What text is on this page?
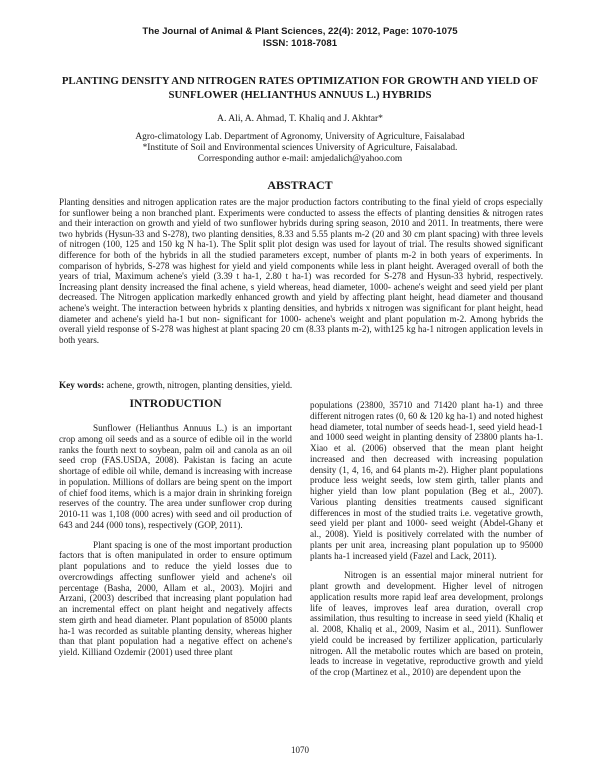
The Journal of Animal & Plant Sciences, 22(4): 2012, Page: 1070-1075
ISSN: 1018-7081
PLANTING DENSITY AND NITROGEN RATES OPTIMIZATION FOR GROWTH AND YIELD OF SUNFLOWER (HELIANTHUS ANNUUS L.) HYBRIDS
A. Ali, A. Ahmad, T. Khaliq and J. Akhtar*
Agro-climatology Lab. Department of Agronomy, University of Agriculture, Faisalabad
*Institute of Soil and Environmental sciences University of Agriculture, Faisalabad.
Corresponding author e-mail: amjedalich@yahoo.com
ABSTRACT
Planting densities and nitrogen application rates are the major production factors contributing to the final yield of crops especially for sunflower being a non branched plant. Experiments were conducted to assess the effects of planting densities & nitrogen rates and their interaction on growth and yield of two sunflower hybrids during spring season, 2010 and 2011. In treatments, there were two hybrids (Hysun-33 and S-278), two planting densities, 8.33 and 5.55 plants m-2 (20 and 30 cm plant spacing) with three levels of nitrogen (100, 125 and 150 kg N ha-1). The Split split plot design was used for layout of trial. The results showed significant difference for both of the hybrids in all the studied parameters except, number of plants m-2 in both years of experiments. In comparison of hybrids, S-278 was highest for yield and yield components while less in plant height. Averaged overall of both the years of trial, Maximum achene's yield (3.39 t ha-1, 2.80 t ha-1) was recorded for S-278 and Hysun-33 hybrid, respectively. Increasing plant density increased the final achene, s yield whereas, head diameter, 1000- achene's weight and seed yield per plant decreased. The Nitrogen application markedly enhanced growth and yield by affecting plant height, head diameter and thousand achene's weight. The interaction between hybrids x planting densities, and hybrids x nitrogen was significant for plant height, head diameter and achene's yield ha-1 but non- significant for 1000- achene's weight and plant population m-2. Among hybrids the overall yield response of S-278 was highest at plant spacing 20 cm (8.33 plants m-2), with125 kg ha-1 nitrogen application levels in both years.
Key words: achene, growth, nitrogen, planting densities, yield.
INTRODUCTION

Sunflower (Helianthus Annuus L.) is an important crop among oil seeds and as a source of edible oil in the world ranks the fourth next to soybean, palm oil and canola as an oil seed crop (FAS.USDA, 2008). Pakistan is facing an acute shortage of edible oil while, demand is increasing with increase in population. Millions of dollars are being spent on the import of chief food items, which is a major drain in shrinking foreign reserves of the country. The area under sunflower crop during 2010-11 was 1,108 (000 acres) with seed and oil production of 643 and 244 (000 tons), respectively (GOP, 2011).

Plant spacing is one of the most important production factors that is often manipulated in order to ensure optimum plant populations and to reduce the yield losses due to overcrowdings affecting sunflower yield and achene's oil percentage (Basha, 2000, Allam et al., 2003). Mojiri and Arzani, (2003) described that increasing plant population had an incremental effect on plant height and negatively affects stem girth and head diameter. Plant population of 85000 plants ha-1 was recorded as suitable planting density, whereas higher than that plant population had a negative effect on achene's yield. Killiand Ozdemir (2001) used three plant

populations (23800, 35710 and 71420 plant ha-1) and three different nitrogen rates (0, 60 & 120 kg ha-1) and noted highest head diameter, total number of seeds head-1, seed yield head-1 and 1000 seed weight in planting density of 23800 plants ha-1. Xiao et al. (2006) observed that the mean plant height increased and then decreased with increasing population density (1, 4, 16, and 64 plants m-2). Higher plant populations produce less weight seeds, low stem girth, taller plants and higher yield than low plant population (Beg et al., 2007). Various planting densities treatments caused significant differences in most of the studied traits i.e. vegetative growth, seed yield per plant and 1000- seed weight (Abdel-Ghany et al., 2008). Yield is positively correlated with the number of plants per unit area, increasing plant population up to 95000 plants ha-1 increased yield (Fazel and Lack, 2011).

Nitrogen is an essential major mineral nutrient for plant growth and development. Higher level of nitrogen application results more rapid leaf area development, prolongs life of leaves, improves leaf area duration, overall crop assimilation, thus resulting to increase in seed yield (Khaliq et al. 2008, Khaliq et al., 2009, Nasim et al., 2011). Sunflower yield could be increased by fertilizer application, particularly nitrogen. All the metabolic routes which are based on protein, leads to increase in vegetative, reproductive growth and yield of the crop (Martinez et al., 2010) are dependent upon the

1070
